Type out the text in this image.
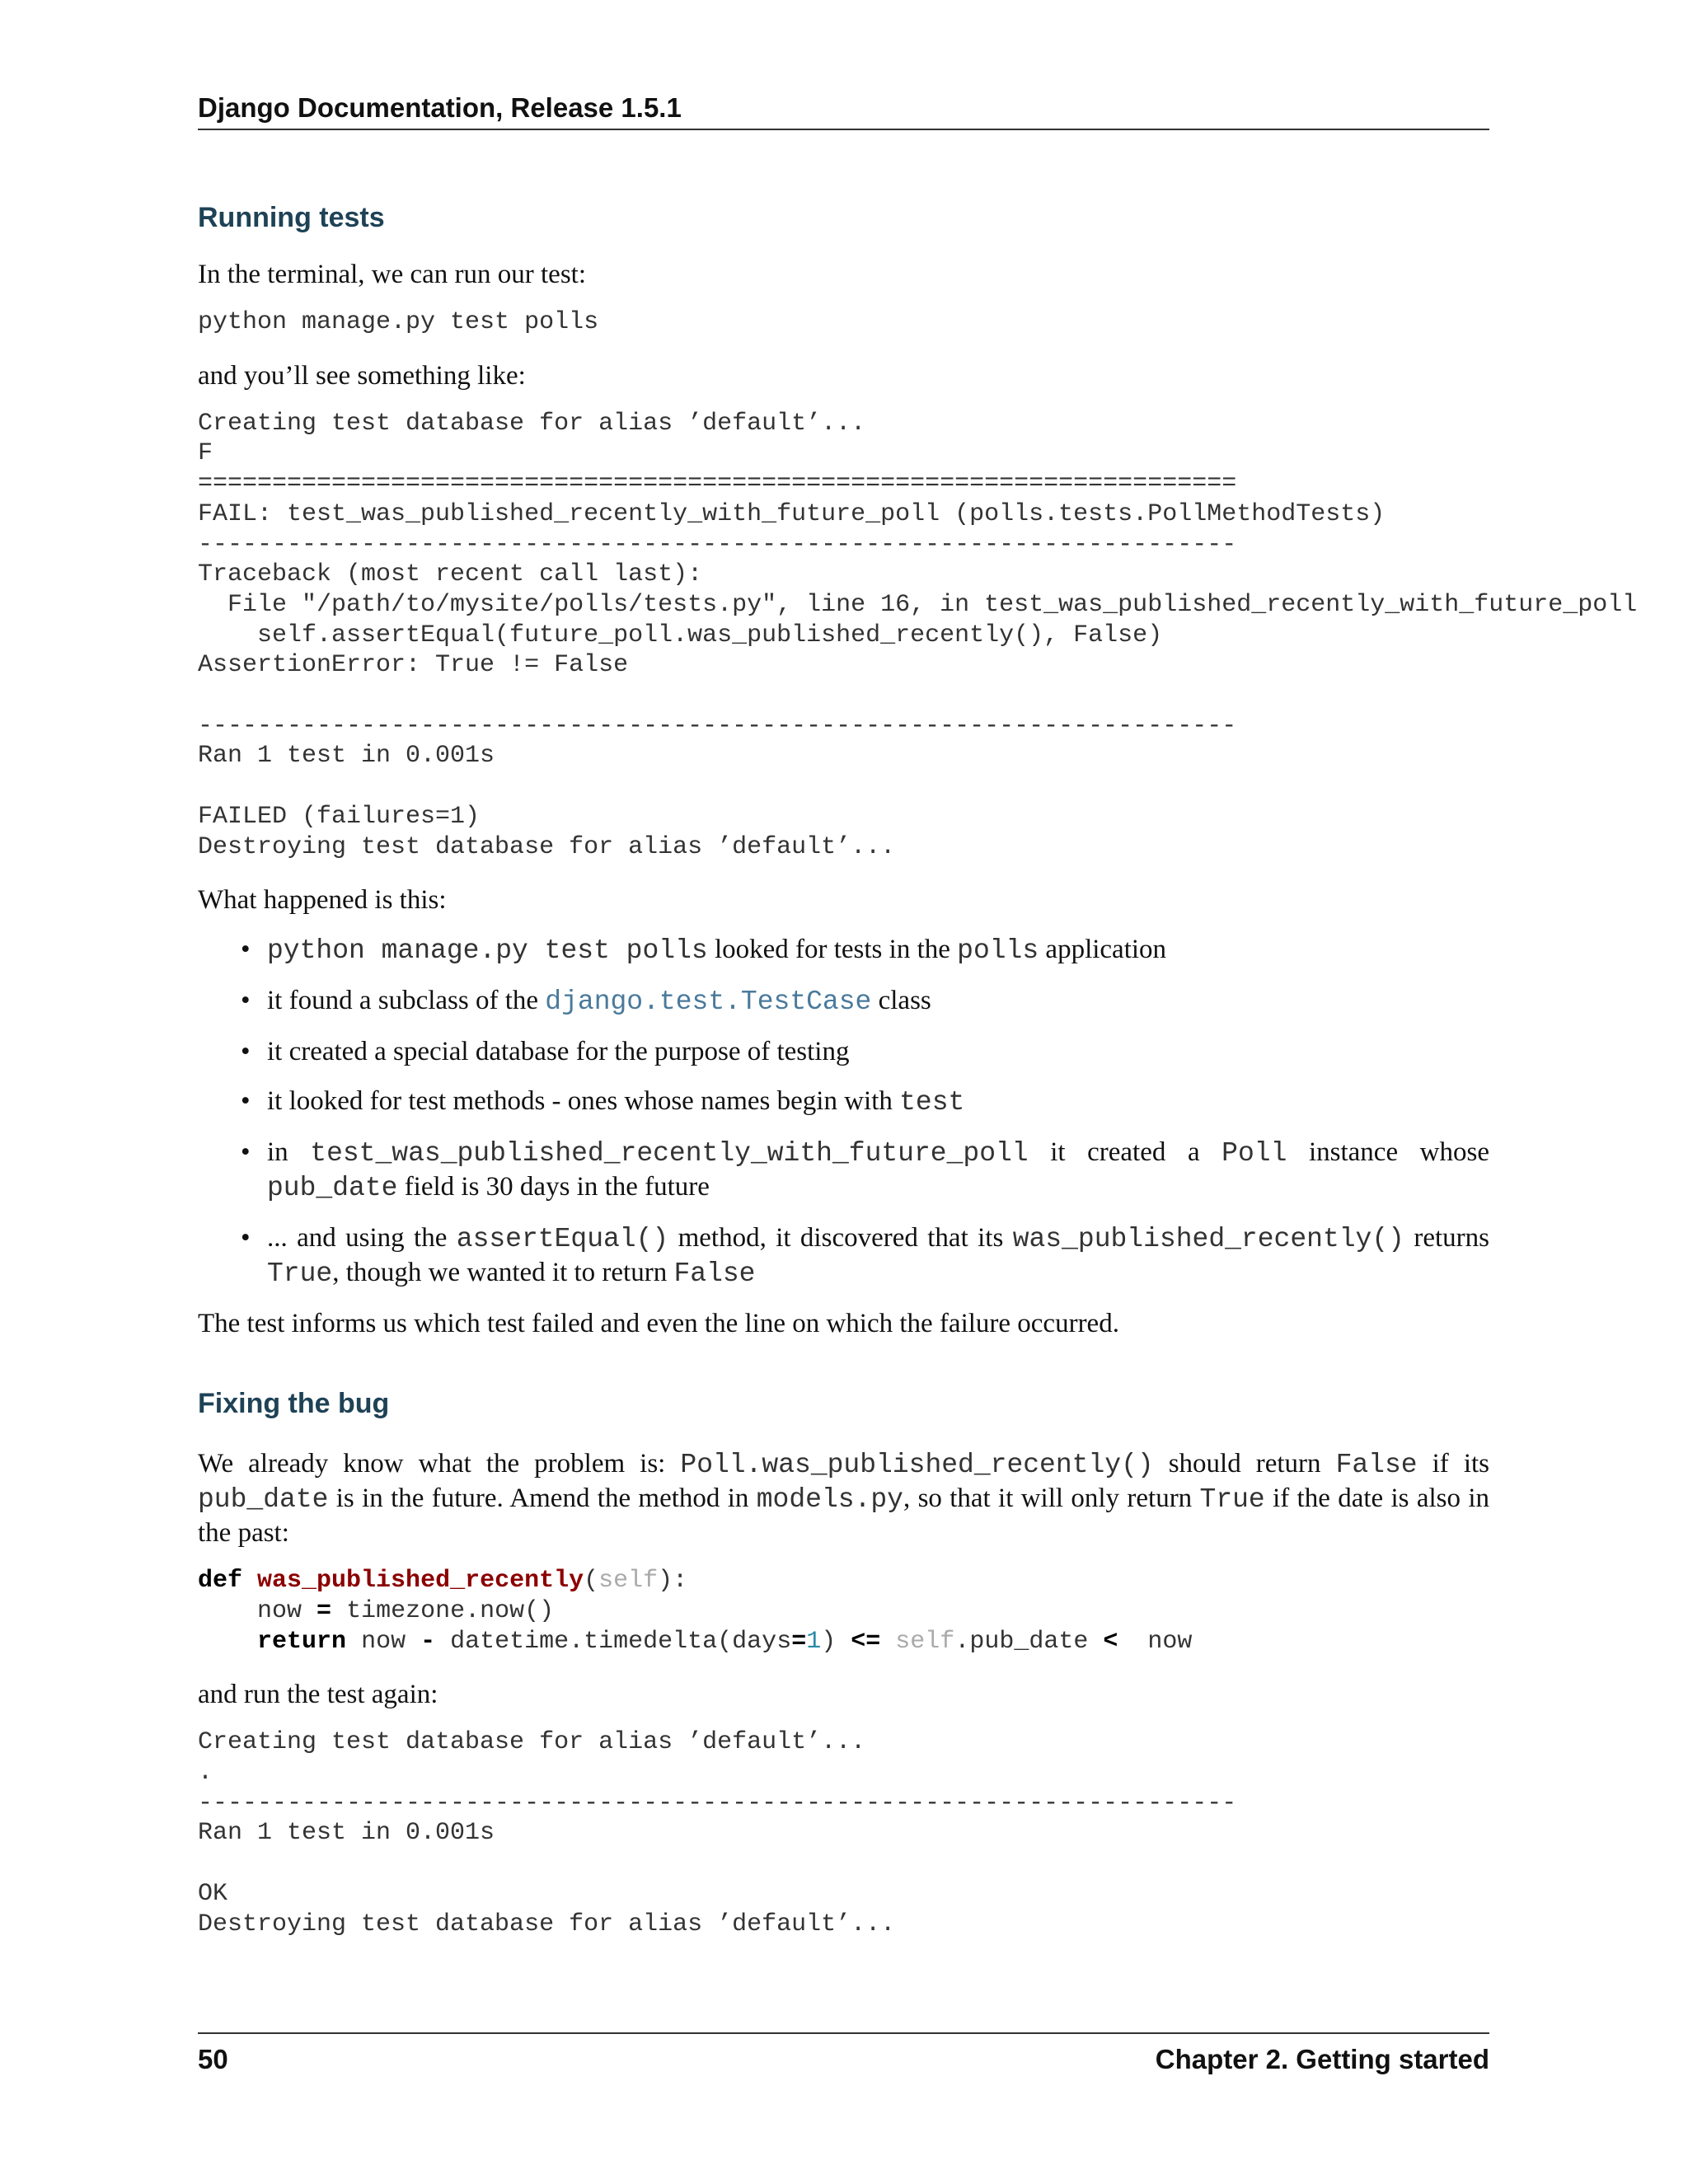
Django Documentation, Release 1.5.1
Running tests

In the terminal, we can run our test:

python manage.py test polls

and you’ll see something like:

Creating test database for alias ’default’...
F
======================================================================
FAIL: test_was_published_recently_with_future_poll (polls.tests.PollMethodTests)
----------------------------------------------------------------------
Traceback (most recent call last):
File "/path/to/mysite/polls/tests.py", line 16, in test_was_published_recently_with_future_poll
self.assertEqual(future_poll.was_published_recently(), False)
AssertionError: True != False

----------------------------------------------------------------------
Ran 1 test in 0.001s

FAILED (failures=1)
Destroying test database for alias ’default’...

What happened is this:

• python manage.py test polls looked for tests in the polls application
• it found a subclass of the django.test.TestCase class
• it created a special database for the purpose of testing
• it looked for test methods - ones whose names begin with test
• in test_was_published_recently_with_future_poll it created a Poll instance whose pub_date field is 30 days in the future
• ... and using the assertEqual() method, it discovered that its was_published_recently() returns True, though we wanted it to return False

The test informs us which test failed and even the line on which the failure occurred.

Fixing the bug

We already know what the problem is: Poll.was_published_recently() should return False if its pub_date is in the future. Amend the method in models.py, so that it will only return True if the date is also in the past:

def was_published_recently(self):
now = timezone.now()
return now - datetime.timedelta(days=1) <= self.pub_date < now

and run the test again:

Creating test database for alias ’default’...
.
----------------------------------------------------------------------
Ran 1 test in 0.001s

OK
Destroying test database for alias ’default’...
50	Chapter 2. Getting started
